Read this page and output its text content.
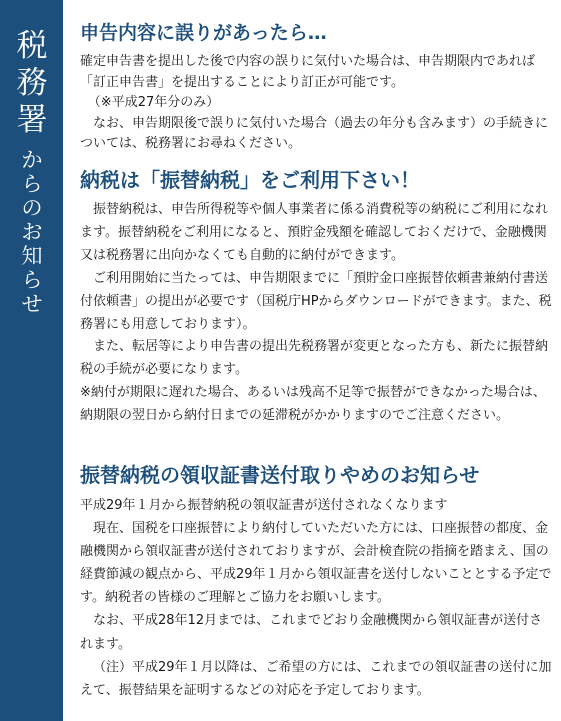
税務署
からのお知らせ
申告内容に誤りがあったら…

確定申告書を提出した後で内容の誤りに気付いた場合は、申告期限内であれば「訂正申告書」を提出することにより訂正が可能です。

（※平成27年分のみ）

なお、申告期限後で誤りに気付いた場合（過去の年分も含みます）の手続きについては、税務署にお尋ねください。

納税は「振替納税」をご利用下さい！

振替納税は、申告所得税等や個人事業者に係る消費税等の納税にご利用になれます。振替納税をご利用になると、預貯金残額を確認しておくだけで、金融機関又は税務署に出向かなくても自動的に納付ができます。

ご利用開始に当たっては、申告期限までに「預貯金口座振替依頼書兼納付書送付依頼書」の提出が必要です（国税庁HPからダウンロードができます。また、税務署にも用意しております）。

また、転居等により申告書の提出先税務署が変更となった方も、新たに振替納税の手続が必要になります。

※納付が期限に遅れた場合、あるいは残高不足等で振替ができなかった場合は、納期限の翌日から納付日までの延滞税がかかりますのでご注意ください。

振替納税の領収証書送付取りやめのお知らせ

平成29年１月から振替納税の領収証書が送付されなくなります

現在、国税を口座振替により納付していただいた方には、口座振替の都度、金融機関から領収証書が送付されておりますが、会計検査院の指摘を踏まえ、国の経費節減の観点から、平成29年１月から領収証書を送付しないこととする予定です。納税者の皆様のご理解とご協力をお願いします。

なお、平成28年12月までは、これまでどおり金融機関から領収証書が送付されます。

（注）平成29年１月以降は、ご希望の方には、これまでの領収証書の送付に加えて、振替結果を証明するなどの対応を予定しております。
